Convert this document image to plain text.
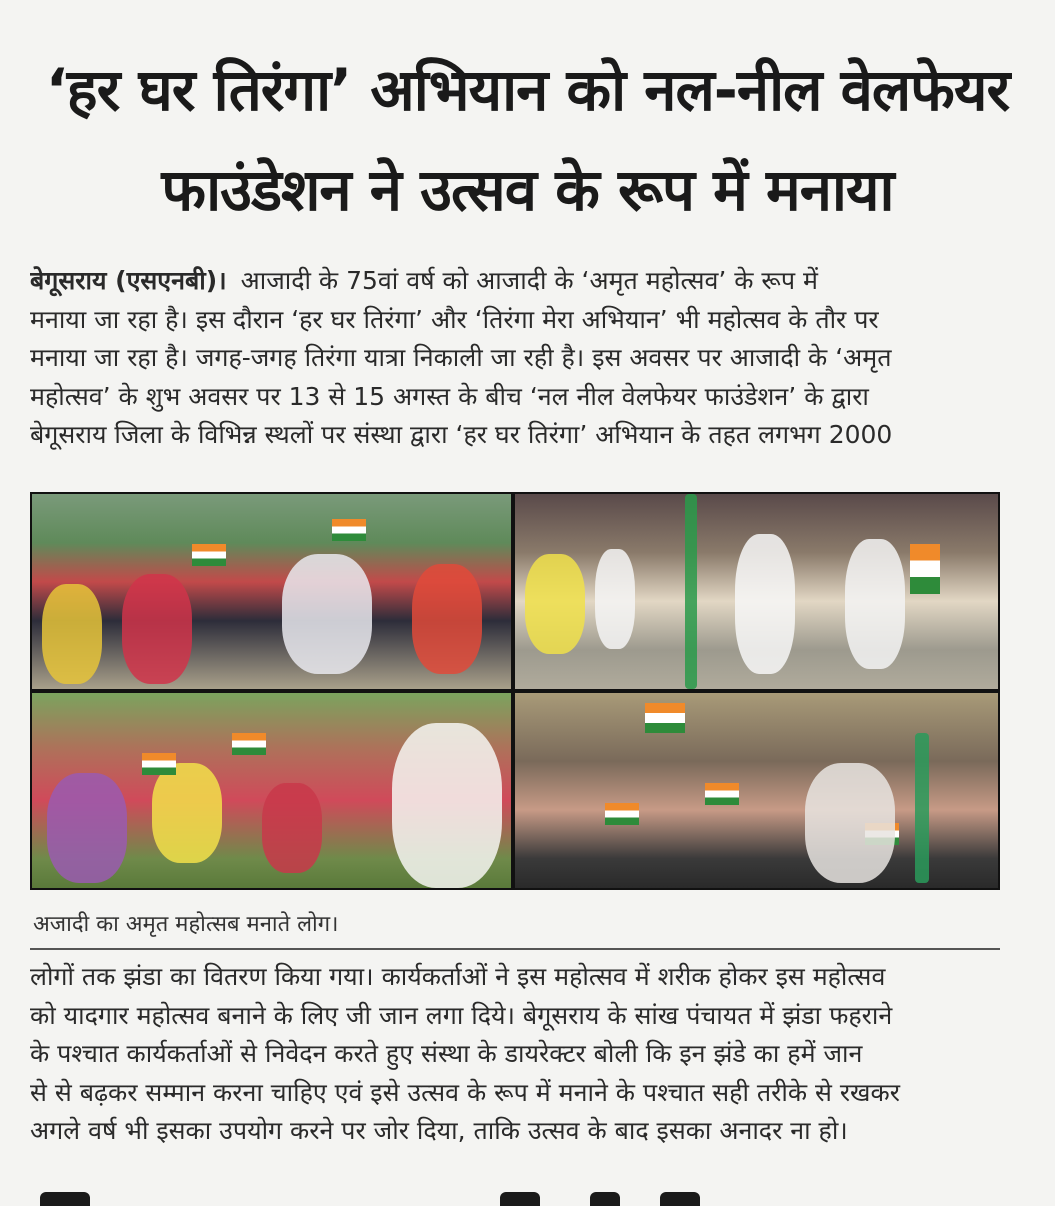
‘हर घर तिरंगा’ अभियान को नल-नील वेलफेयर
फाउंडेशन ने उत्सव के रूप में मनाया
बेगूसराय (एसएनबी)। आजादी के 75वां वर्ष को आजादी के ‘अमृत महोत्सव’ के रूप में
मनाया जा रहा है। इस दौरान ‘हर घर तिरंगा’ और ‘तिरंगा मेरा अभियान’ भी महोत्सव के तौर पर
मनाया जा रहा है। जगह-जगह तिरंगा यात्रा निकाली जा रही है। इस अवसर पर आजादी के ‘अमृत
महोत्सव’ के शुभ अवसर पर 13 से 15 अगस्त के बीच ‘नल नील वेलफेयर फाउंडेशन’ के द्वारा
बेगूसराय जिला के विभिन्न स्थलों पर संस्था द्वारा ‘हर घर तिरंगा’ अभियान के तहत लगभग 2000
अजादी का अमृत महोत्सब मनाते लोग।
लोगों तक झंडा का वितरण किया गया। कार्यकर्ताओं ने इस महोत्सव में शरीक होकर इस महोत्सव
को यादगार महोत्सव बनाने के लिए जी जान लगा दिये। बेगूसराय के सांख पंचायत में झंडा फहराने
के पश्चात कार्यकर्ताओं से निवेदन करते हुए संस्था के डायरेक्टर बोली कि इन झंडे का हमें जान
से से बढ़कर सम्मान करना चाहिए एवं इसे उत्सव के रूप में मनाने के पश्चात सही तरीके से रखकर
अगले वर्ष भी इसका उपयोग करने पर जोर दिया, ताकि उत्सव के बाद इसका अनादर ना हो।
